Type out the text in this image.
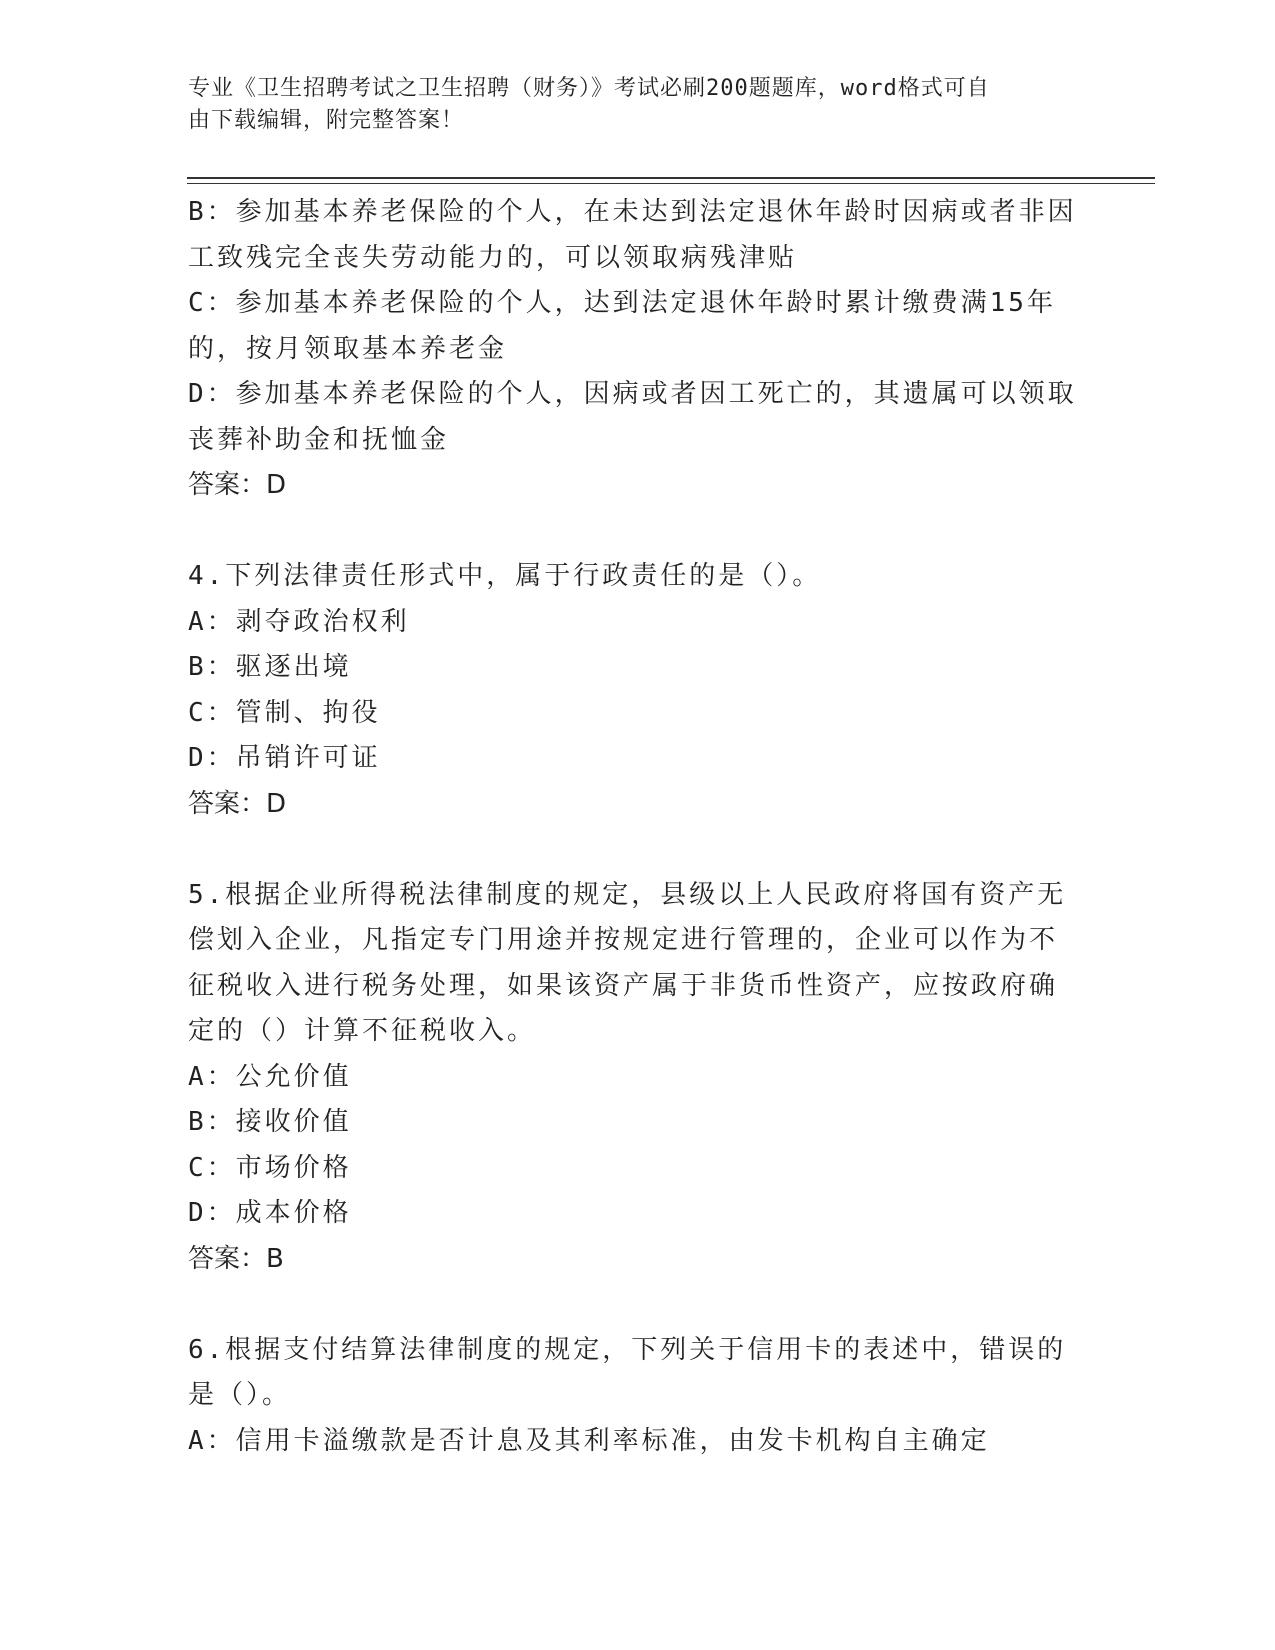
专业《卫生招聘考试之卫生招聘（财务）》考试必刷200题题库，word格式可自
由下载编辑，附完整答案！
B：参加基本养老保险的个人，在未达到法定退休年龄时因病或者非因
工致残完全丧失劳动能力的，可以领取病残津贴
C：参加基本养老保险的个人，达到法定退休年龄时累计缴费满15年
的，按月领取基本养老金
D：参加基本养老保险的个人，因病或者因工死亡的，其遗属可以领取
丧葬补助金和抚恤金
答案：D
4.下列法律责任形式中，属于行政责任的是（）。
A：剥夺政治权利
B：驱逐出境
C：管制、拘役
D：吊销许可证
答案：D
5.根据企业所得税法律制度的规定，县级以上人民政府将国有资产无
偿划入企业，凡指定专门用途并按规定进行管理的，企业可以作为不
征税收入进行税务处理，如果该资产属于非货币性资产，应按政府确
定的（）计算不征税收入。
A：公允价值
B：接收价值
C：市场价格
D：成本价格
答案：B
6.根据支付结算法律制度的规定，下列关于信用卡的表述中，错误的
是（）。
A：信用卡溢缴款是否计息及其利率标准，由发卡机构自主确定
